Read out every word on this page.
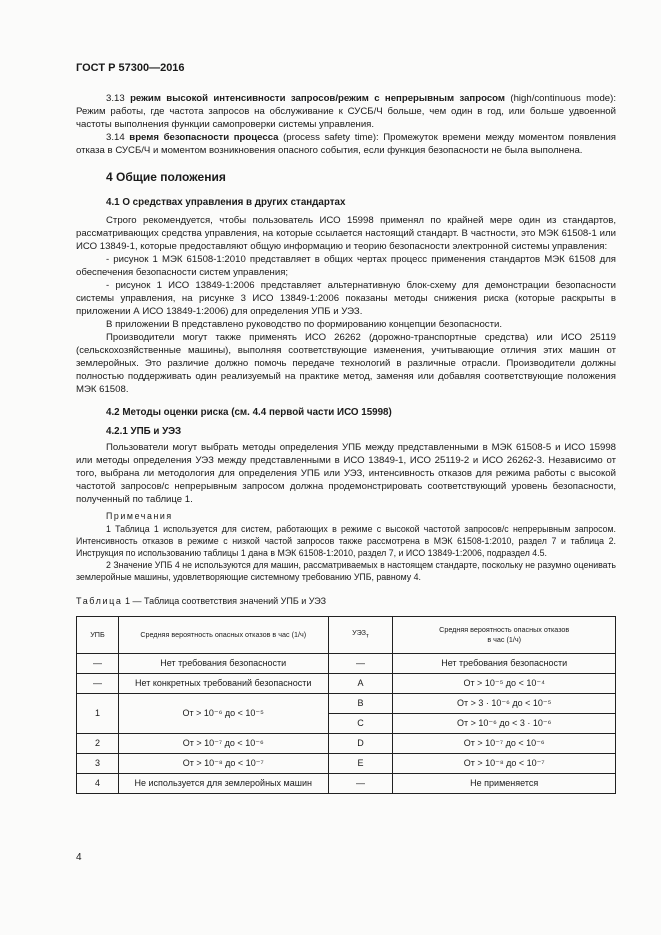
ГОСТ Р 57300—2016

3.13 режим высокой интенсивности запросов/режим с непрерывным запросом (high/continuous mode): Режим работы, где частота запросов на обслуживание к СУСБ/Ч больше, чем один в год, или больше удвоенной частоты выполнения функции самопроверки системы управления.

3.14 время безопасности процесса (process safety time): Промежуток времени между моментом появления отказа в СУСБ/Ч и моментом возникновения опасного события, если функция безопасности не была выполнена.

4 Общие положения
4.1 О средствах управления в других стандартах

Строго рекомендуется, чтобы пользователь ИСО 15998 применял по крайней мере один из стандартов, рассматривающих средства управления, на которые ссылается настоящий стандарт. В частности, это МЭК 61508-1 или ИСО 13849-1, которые предоставляют общую информацию и теорию безопасности электронной системы управления:

- рисунок 1 МЭК 61508-1:2010 представляет в общих чертах процесс применения стандартов МЭК 61508 для обеспечения безопасности систем управления;

- рисунок 1 ИСО 13849-1:2006 представляет альтернативную блок-схему для демонстрации безопасности системы управления, на рисунке 3 ИСО 13849-1:2006 показаны методы снижения риска (которые раскрыты в приложении А ИСО 13849-1:2006) для определения УПБ и УЭЗ.

В приложении В представлено руководство по формированию концепции безопасности.

Производители могут также применять ИСО 26262 (дорожно-транспортные средства) или ИСО 25119 (сельскохозяйственные машины), выполняя соответствующие изменения, учитывающие отличия этих машин от землеройных. Это различие должно помочь передаче технологий в различные отрасли. Производители должны полностью поддерживать один реализуемый на практике метод, заменяя или добавляя соответствующие положения МЭК 61508.

4.2 Методы оценки риска (см. 4.4 первой части ИСО 15998)
4.2.1 УПБ и УЭЗ

Пользователи могут выбрать методы определения УПБ между представленными в МЭК 61508-5 и ИСО 15998 или методы определения УЭЗ между представленными в ИСО 13849-1, ИСО 25119-2 и ИСО 26262-3. Независимо от того, выбрана ли методология для определения УПБ или УЭЗ, интенсивность отказов для режима работы с высокой частотой запросов/с непрерывным запросом должна продемонстрировать соответствующий уровень безопасности, полученный по таблице 1.

Примечания

1 Таблица 1 используется для систем, работающих в режиме с высокой частотой запросов/с непрерывным запросом. Интенсивность отказов в режиме с низкой частой запросов также рассмотрена в МЭК 61508-1:2010, раздел 7 и таблица 2. Инструкция по использованию таблицы 1 дана в МЭК 61508-1:2010, раздел 7, и ИСО 13849-1:2006, подраздел 4.5.

2 Значение УПБ 4 не используются для машин, рассматриваемых в настоящем стандарте, поскольку не разумно оценивать землеройные машины, удовлетворяющие системному требованию УПБ, равному 4.

Таблица 1 — Таблица соответствия значений УПБ и УЭЗ
УПБ	Средняя вероятность опасных отказов в час (1/ч)	$УЭЗ_т$	Средняя вероятность опасных отказов
в час (1/ч)
—	Нет требования безопасности	—	Нет требования безопасности
—	Нет конкретных требований безопасности	A	От > 10⁻⁵ до < 10⁻⁴
1	От > 10⁻⁶ до < 10⁻⁵	B	От > 3 · 10⁻⁶ до < 10⁻⁵
		C	От > 10⁻⁶ до < 3 · 10⁻⁶
2	От > 10⁻⁷ до < 10⁻⁶	D	От > 10⁻⁷ до < 10⁻⁶
3	От > 10⁻⁸ до < 10⁻⁷	E	От > 10⁻⁸ до < 10⁻⁷
4	Не используется для землеройных машин	—	Не применяется
4
